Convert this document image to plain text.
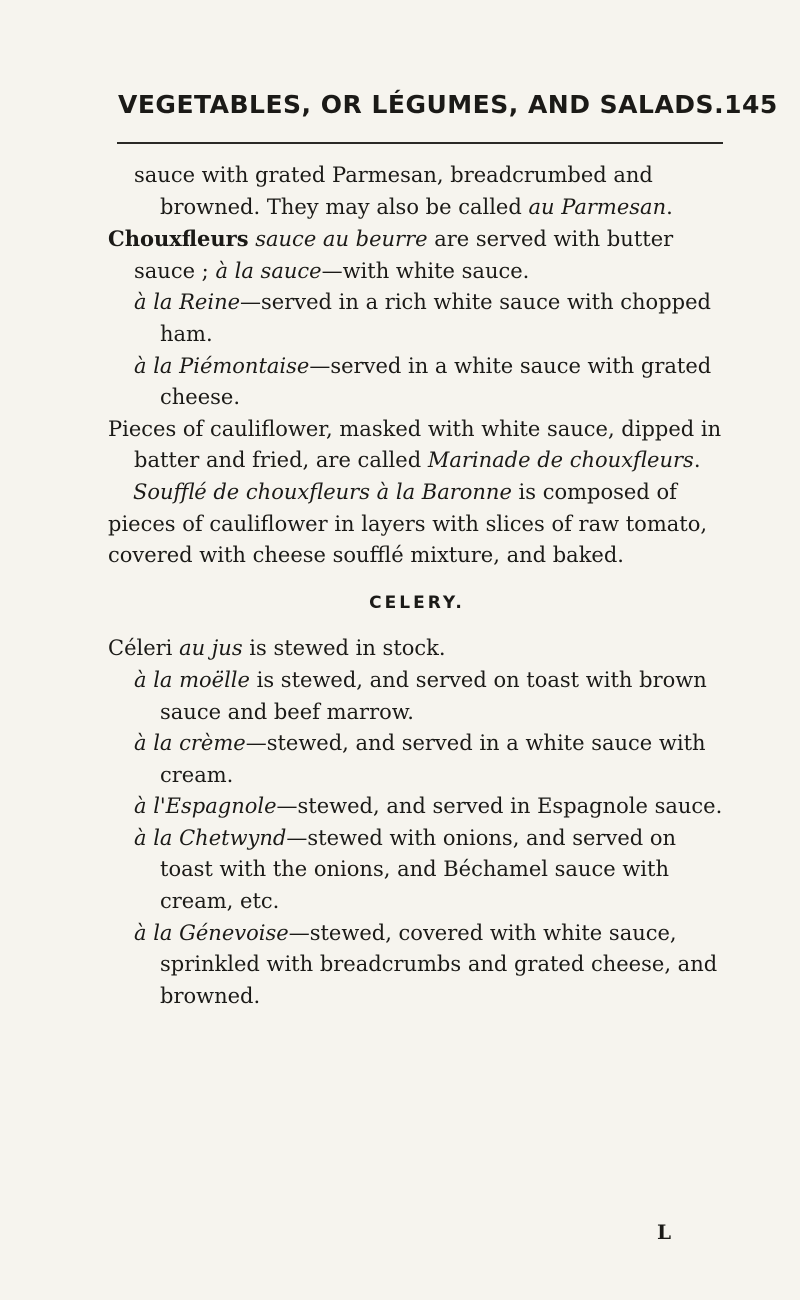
VEGETABLES, OR LÉGUMES, AND SALADS. 145

sauce with grated Parmesan, breadcrumbed and browned. They may also be called au Parmesan.

Chouxfleurs sauce au beurre are served with butter sauce ; à la sauce—with white sauce.

à la Reine—served in a rich white sauce with chopped ham.

à la Piémontaise—served in a white sauce with grated cheese.

Pieces of cauliflower, masked with white sauce, dipped in batter and fried, are called Marinade de chouxfleurs.

Soufflé de chouxfleurs à la Baronne is composed of pieces of cauliflower in layers with slices of raw tomato, covered with cheese soufflé mixture, and baked.

CELERY.

Céleri au jus is stewed in stock.

à la moëlle is stewed, and served on toast with brown sauce and beef marrow.

à la crème—stewed, and served in a white sauce with cream.

à l'Espagnole—stewed, and served in Espagnole sauce.

à la Chetwynd—stewed with onions, and served on toast with the onions, and Béchamel sauce with cream, etc.

à la Génevoise—stewed, covered with white sauce, sprinkled with breadcrumbs and grated cheese, and browned.

L
